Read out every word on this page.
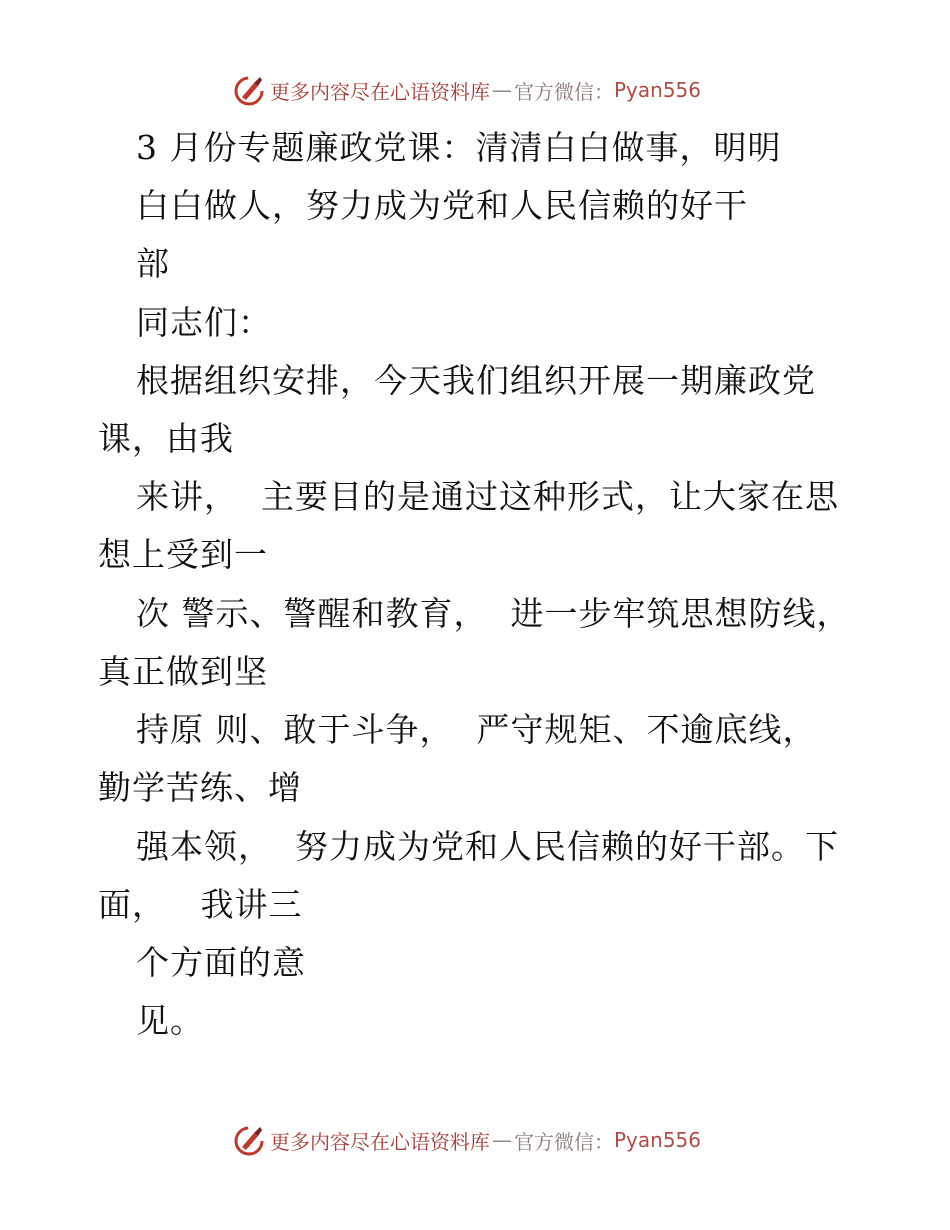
更多内容尽在心语资料库 — 官方微信： Pyan556
3 月份专题廉政党课：清清白白做事，明明
白白做人，努力成为党和人民信赖的好干
部
同志们：
根据组织安排，今天我们组织开展一期廉政党
课，由我
来讲，  主要目的是通过这种形式，让大家在思
想上受到一
次 警示、警醒和教育，  进一步牢筑思想防线，
真正做到坚
持原 则、敢于斗争，  严守规矩、不逾底线，
勤学苦练、增
强本领，  努力成为党和人民信赖的好干部。下
面，   我讲三
个方面的意
见。
更多内容尽在心语资料库 — 官方微信： Pyan556
